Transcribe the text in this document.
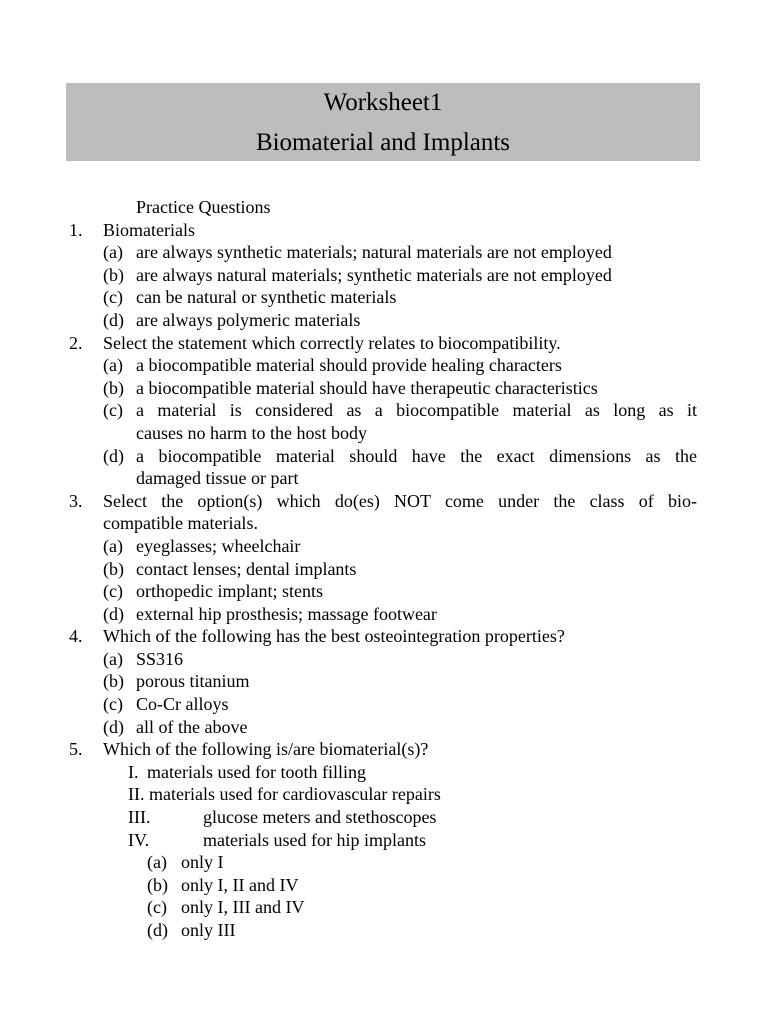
Worksheet1
Biomaterial and Implants
Practice Questions
1. Biomaterials
(a) are always synthetic materials; natural materials are not employed
(b) are always natural materials; synthetic materials are not employed
(c) can be natural or synthetic materials
(d) are always polymeric materials
2. Select the statement which correctly relates to biocompatibility.
(a) a biocompatible material should provide healing characters
(b) a biocompatible material should have therapeutic characteristics
(c) a material is considered as a biocompatible material as long as it
causes no harm to the host body
(d) a biocompatible material should have the exact dimensions as the
damaged tissue or part
3. Select the option(s) which do(es) NOT come under the class of bio-
compatible materials.
(a) eyeglasses; wheelchair
(b) contact lenses; dental implants
(c) orthopedic implant; stents
(d) external hip prosthesis; massage footwear
4. Which of the following has the best osteointegration properties?
(a) SS316
(b) porous titanium
(c) Co-Cr alloys
(d) all of the above
5. Which of the following is/are biomaterial(s)?
I. materials used for tooth filling
II. materials used for cardiovascular repairs
III.	glucose meters and stethoscopes
IV.	materials used for hip implants
(a) only I
(b) only I, II and IV
(c) only I, III and IV
(d) only III
